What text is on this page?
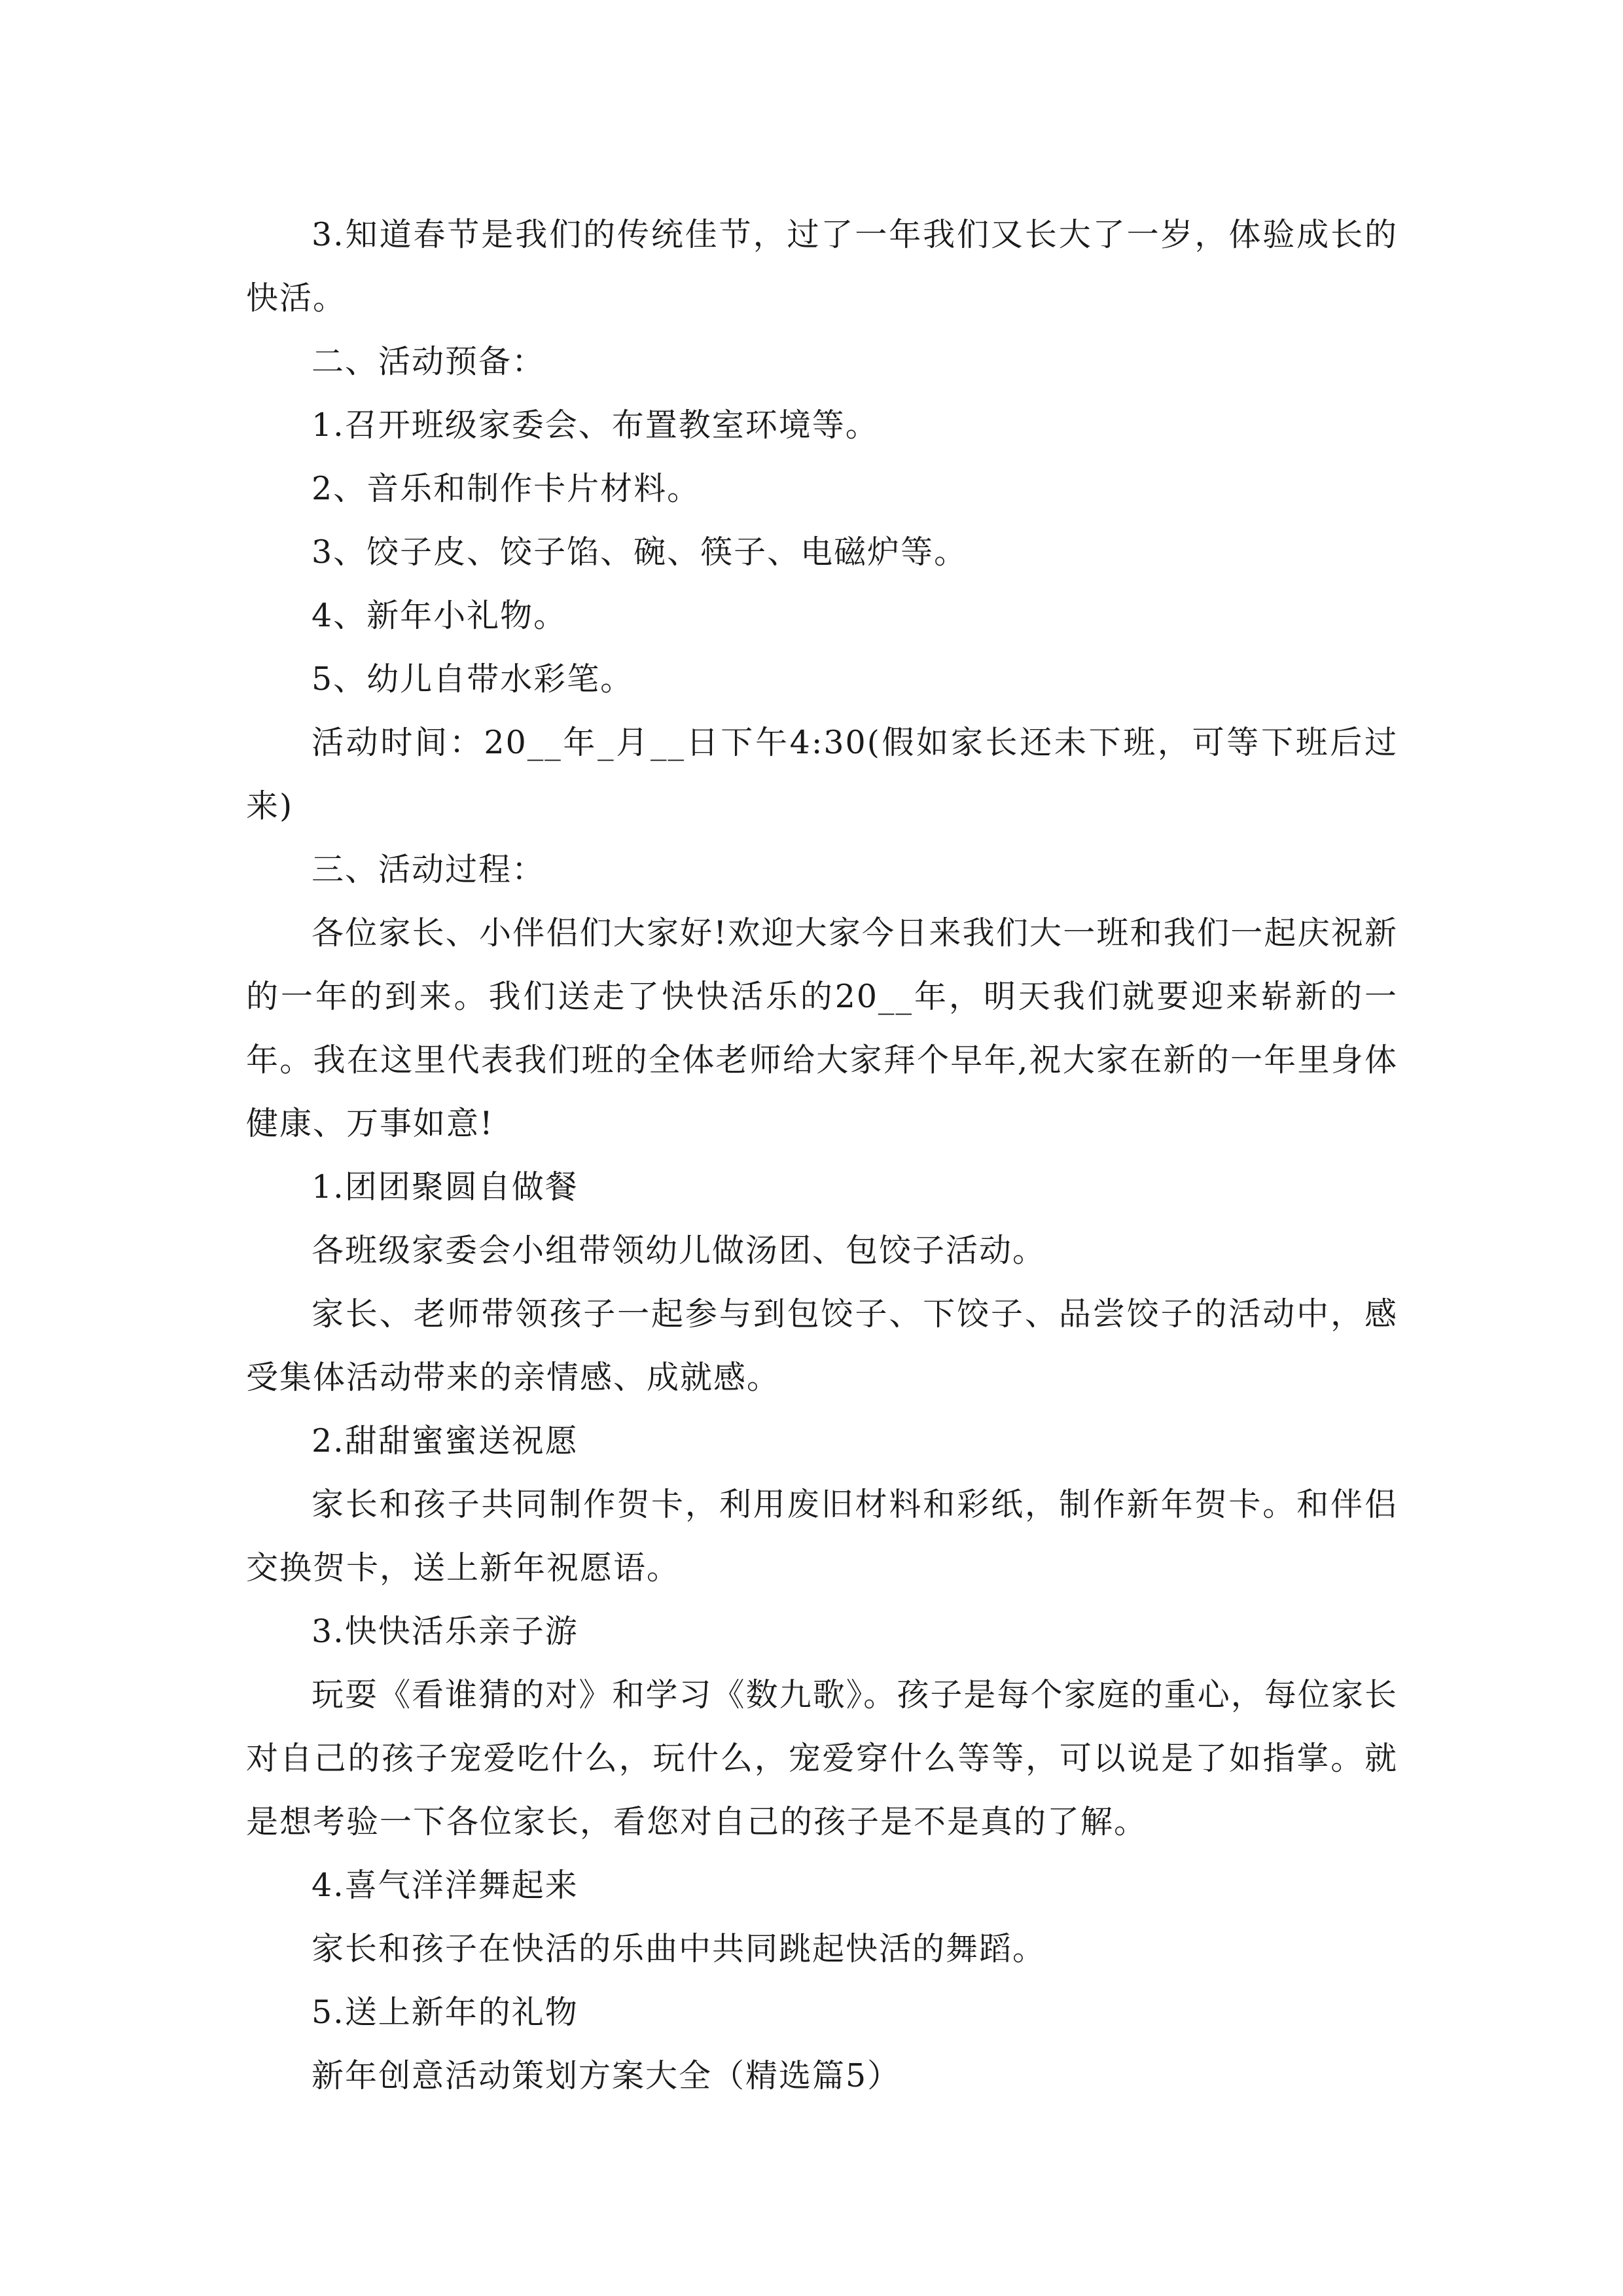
3.知道春节是我们的传统佳节，过了一年我们又长大了一岁，体验成长的快活。

二、活动预备：

1.召开班级家委会、布置教室环境等。

2、音乐和制作卡片材料。

3、饺子皮、饺子馅、碗、筷子、电磁炉等。

4、新年小礼物。

5、幼儿自带水彩笔。

活动时间：20__年_月__日下午4:30(假如家长还未下班，可等下班后过来)

三、活动过程：

各位家长、小伴侣们大家好!欢迎大家今日来我们大一班和我们一起庆祝新的一年的到来。我们送走了快快活乐的20__年，明天我们就要迎来崭新的一年。我在这里代表我们班的全体老师给大家拜个早年,祝大家在新的一年里身体健康、万事如意!

1.团团聚圆自做餐

各班级家委会小组带领幼儿做汤团、包饺子活动。

家长、老师带领孩子一起参与到包饺子、下饺子、品尝饺子的活动中，感受集体活动带来的亲情感、成就感。

2.甜甜蜜蜜送祝愿

家长和孩子共同制作贺卡，利用废旧材料和彩纸，制作新年贺卡。和伴侣交换贺卡，送上新年祝愿语。

3.快快活乐亲子游

玩耍《看谁猜的对》和学习《数九歌》。孩子是每个家庭的重心，每位家长对自己的孩子宠爱吃什么，玩什么，宠爱穿什么等等，可以说是了如指掌。就是想考验一下各位家长，看您对自己的孩子是不是真的了解。

4.喜气洋洋舞起来

家长和孩子在快活的乐曲中共同跳起快活的舞蹈。

5.送上新年的礼物

新年创意活动策划方案大全（精选篇5）
